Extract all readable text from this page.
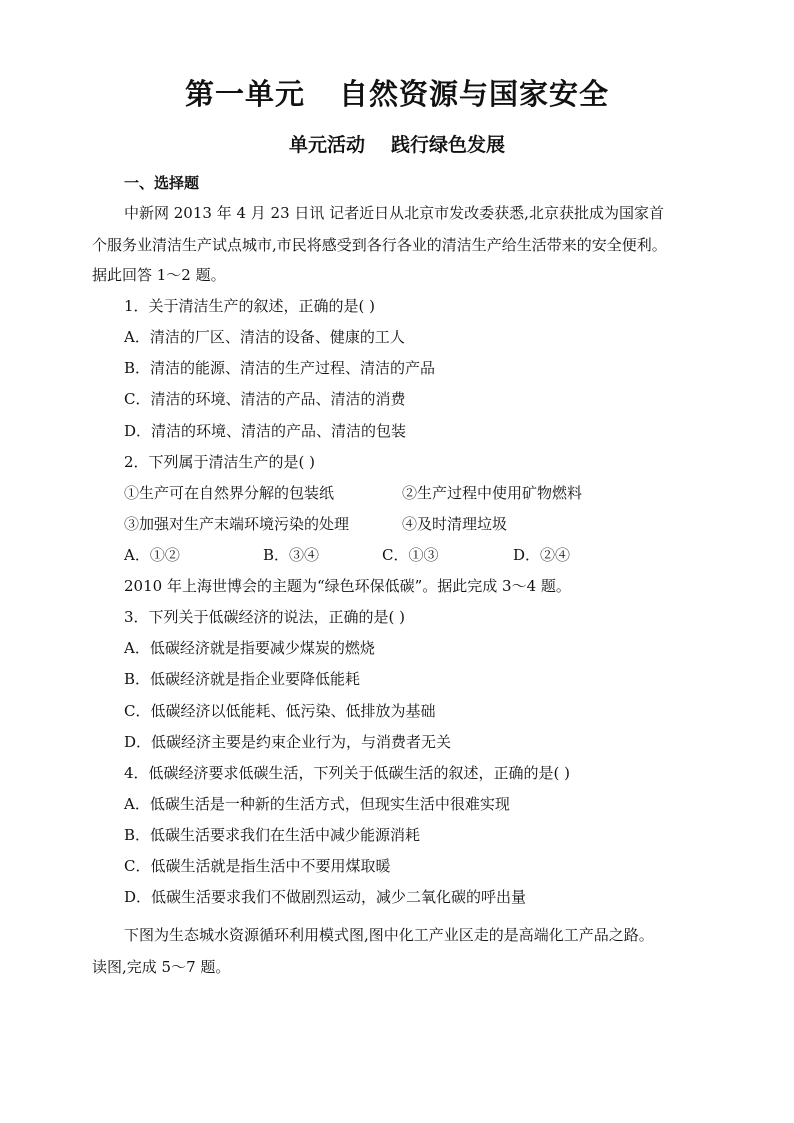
第一单元 自然资源与国家安全
单元活动 践行绿色发展
一、选择题
中新网 2013 年 4 月 23 日讯 记者近日从北京市发改委获悉,北京获批成为国家首
个服务业清洁生产试点城市,市民将感受到各行各业的清洁生产给生活带来的安全便利。
据此回答 1～2 题。
1．关于清洁生产的叙述，正确的是( )
A．清洁的厂区、清洁的设备、健康的工人
B．清洁的能源、清洁的生产过程、清洁的产品
C．清洁的环境、清洁的产品、清洁的消费
D．清洁的环境、清洁的产品、清洁的包装
2．下列属于清洁生产的是( )
①生产可在自然界分解的包装纸	②生产过程中使用矿物燃料
③加强对生产末端环境污染的处理	④及时清理垃圾
A．①②	B．③④	C．①③	D．②④
2010 年上海世博会的主题为“绿色环保低碳”。据此完成 3～4 题。
3．下列关于低碳经济的说法，正确的是( )
A．低碳经济就是指要减少煤炭的燃烧
B．低碳经济就是指企业要降低能耗
C．低碳经济以低能耗、低污染、低排放为基础
D．低碳经济主要是约束企业行为，与消费者无关
4．低碳经济要求低碳生活，下列关于低碳生活的叙述，正确的是( )
A．低碳生活是一种新的生活方式，但现实生活中很难实现
B．低碳生活要求我们在生活中减少能源消耗
C．低碳生活就是指生活中不要用煤取暖
D．低碳生活要求我们不做剧烈运动，减少二氧化碳的呼出量
下图为生态城水资源循环利用模式图,图中化工产业区走的是高端化工产品之路。
读图,完成 5～7 题。
